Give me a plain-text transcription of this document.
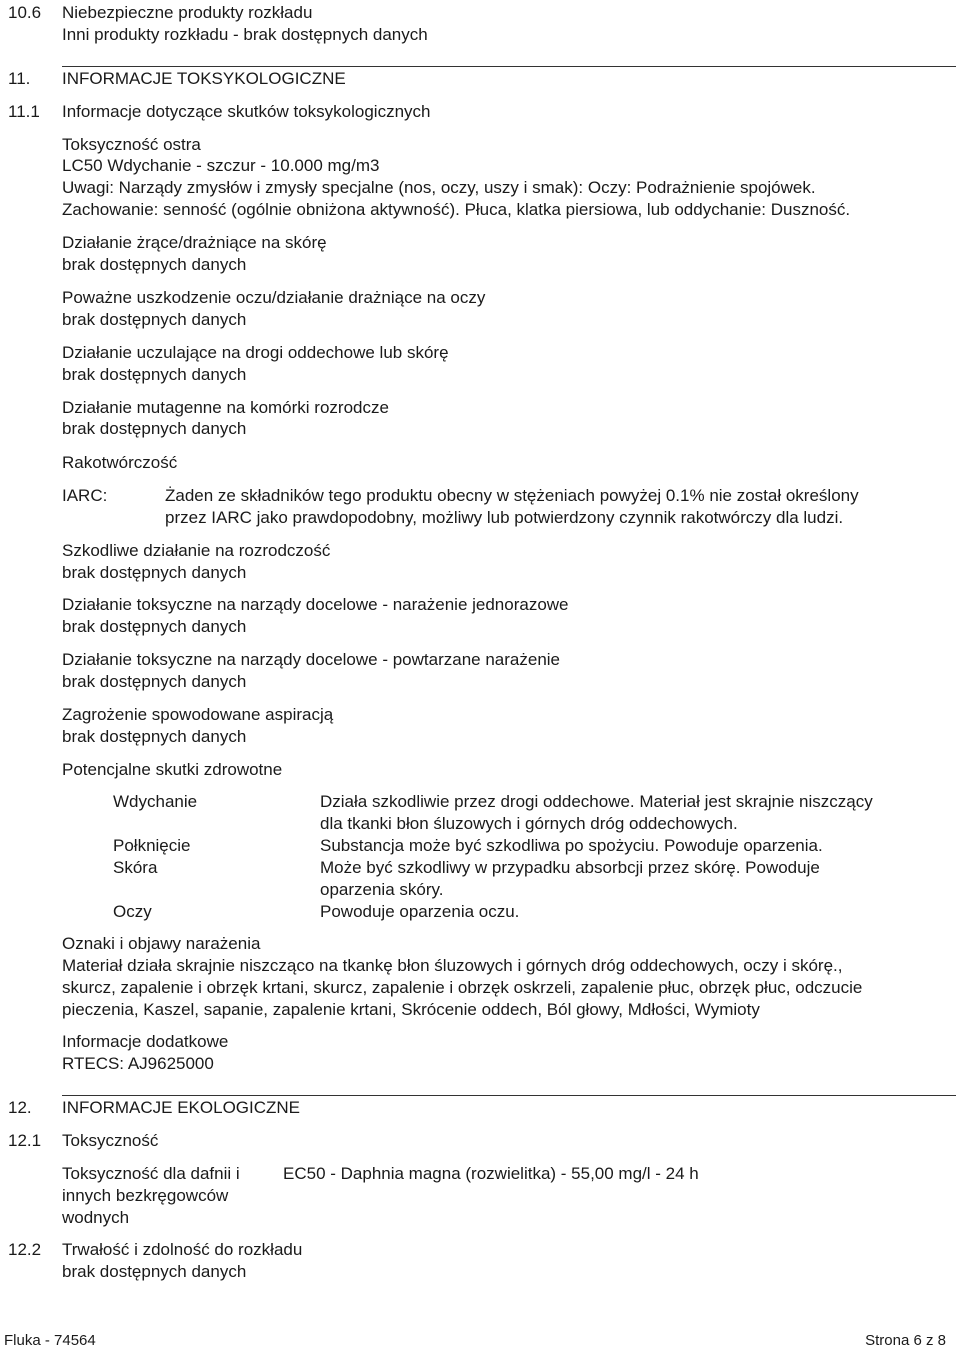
10.6 Niebezpieczne produkty rozkładu
Inni produkty rozkładu - brak dostępnych danych
11. INFORMACJE TOKSYKOLOGICZNE
11.1 Informacje dotyczące skutków toksykologicznych
Toksyczność ostra
LC50 Wdychanie - szczur - 10.000 mg/m3
Uwagi: Narządy zmysłów i zmysły specjalne (nos, oczy, uszy i smak): Oczy: Podrażnienie spojówek.
Zachowanie: senność (ogólnie obniżona aktywność). Płuca, klatka piersiowa, lub oddychanie: Duszność.
Działanie żrące/drażniące na skórę
brak dostępnych danych
Poważne uszkodzenie oczu/działanie drażniące na oczy
brak dostępnych danych
Działanie uczulające na drogi oddechowe lub skórę
brak dostępnych danych
Działanie mutagenne na komórki rozrodcze
brak dostępnych danych
Rakotwórczość
IARC:	Żaden ze składników tego produktu obecny w stężeniach powyżej 0.1% nie został określony
przez IARC jako prawdopodobny, możliwy lub potwierdzony czynnik rakotwórczy dla ludzi.
Szkodliwe działanie na rozrodczość
brak dostępnych danych
Działanie toksyczne na narządy docelowe - narażenie jednorazowe
brak dostępnych danych
Działanie toksyczne na narządy docelowe - powtarzane narażenie
brak dostępnych danych
Zagrożenie spowodowane aspiracją
brak dostępnych danych
Potencjalne skutki zdrowotne
Wdychanie	Działa szkodliwie przez drogi oddechowe. Materiał jest skrajnie niszczący
dla tkanki błon śluzowych i górnych dróg oddechowych.
Połknięcie	Substancja może być szkodliwa po spożyciu. Powoduje oparzenia.
Skóra	Może być szkodliwy w przypadku absorbcji przez skórę. Powoduje
oparzenia skóry.
Oczy	Powoduje oparzenia oczu.
Oznaki i objawy narażenia
Materiał działa skrajnie niszcząco na tkankę błon śluzowych i górnych dróg oddechowych, oczy i skórę.,
skurcz, zapalenie i obrzęk krtani, skurcz, zapalenie i obrzęk oskrzeli, zapalenie płuc, obrzęk płuc, odczucie
pieczenia, Kaszel, sapanie, zapalenie krtani, Skrócenie oddech, Ból głowy, Mdłości, Wymioty
Informacje dodatkowe
RTECS: AJ9625000
12. INFORMACJE EKOLOGICZNE
12.1 Toksyczność
Toksyczność dla dafnii i
innych bezkręgowców
wodnych
EC50 - Daphnia magna (rozwielitka) - 55,00 mg/l - 24 h
12.2 Trwałość i zdolność do rozkładu
brak dostępnych danych
Fluka - 74564	Strona 6 z 8
